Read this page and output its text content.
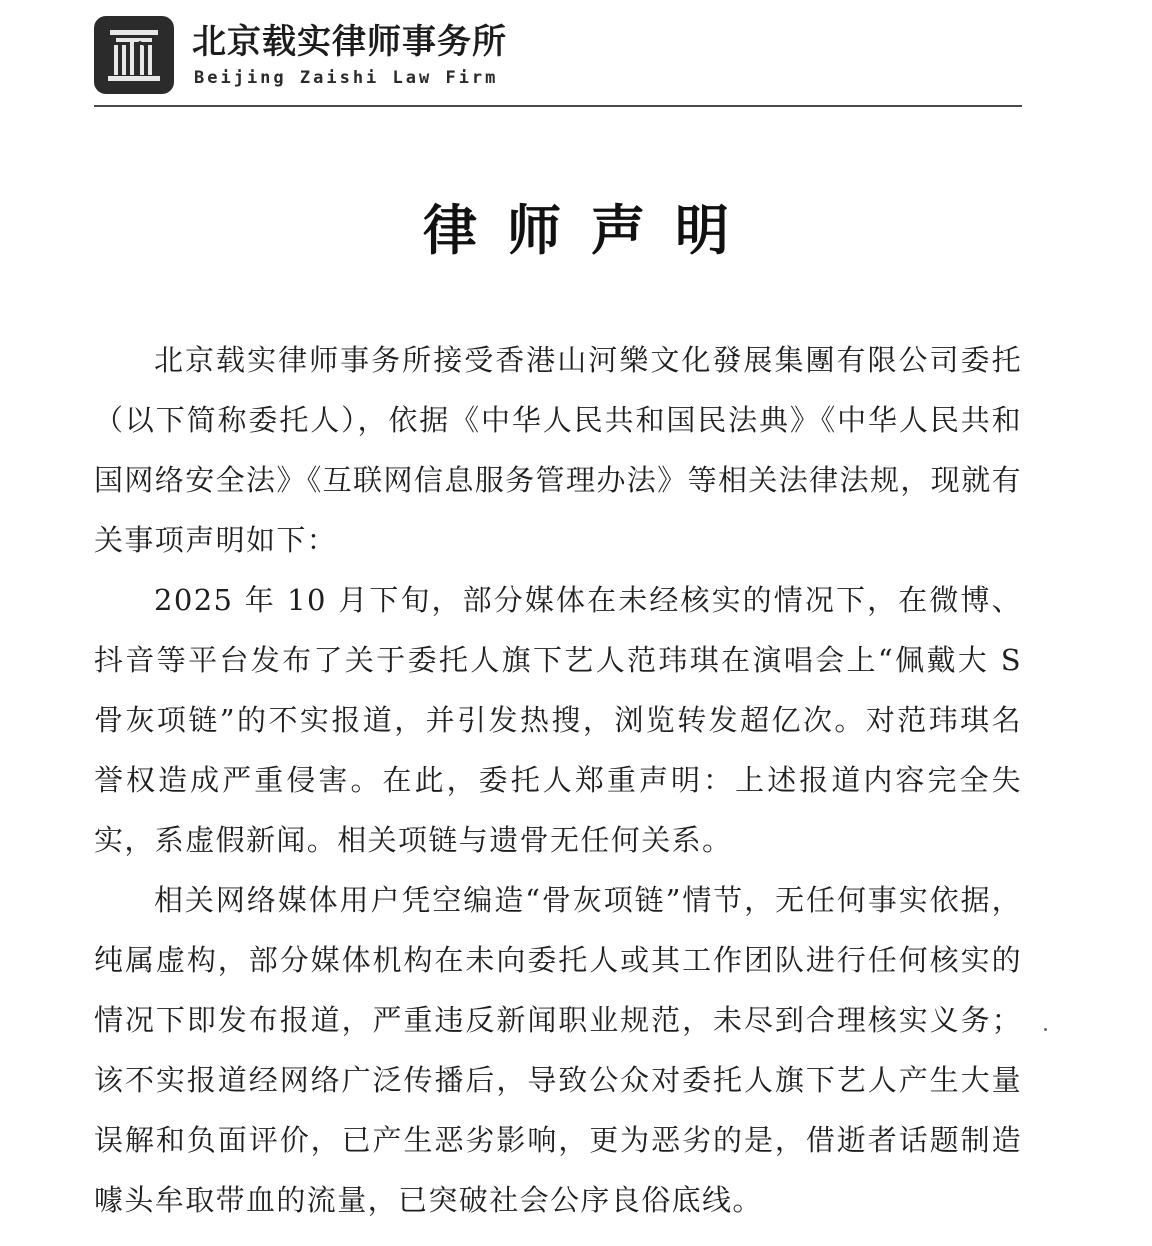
北京载实律师事务所
Beijing Zaishi Law Firm
律师声明

北京载实律师事务所接受香港山河樂文化發展集團有限公司委托（以下简称委托人），依据《中华人民共和国民法典》《中华人民共和国网络安全法》《互联网信息服务管理办法》等相关法律法规，现就有关事项声明如下：

2025 年 10 月下旬，部分媒体在未经核实的情况下，在微博、抖音等平台发布了关于委托人旗下艺人范玮琪在演唱会上“佩戴大 S 骨灰项链”的不实报道，并引发热搜，浏览转发超亿次。对范玮琪名誉权造成严重侵害。在此，委托人郑重声明：上述报道内容完全失实，系虚假新闻。相关项链与遗骨无任何关系。

相关网络媒体用户凭空编造“骨灰项链”情节，无任何事实依据，纯属虚构，部分媒体机构在未向委托人或其工作团队进行任何核实的情况下即发布报道，严重违反新闻职业规范，未尽到合理核实义务；该不实报道经网络广泛传播后，导致公众对委托人旗下艺人产生大量误解和负面评价，已产生恶劣影响，更为恶劣的是，借逝者话题制造噱头牟取带血的流量，已突破社会公序良俗底线。
